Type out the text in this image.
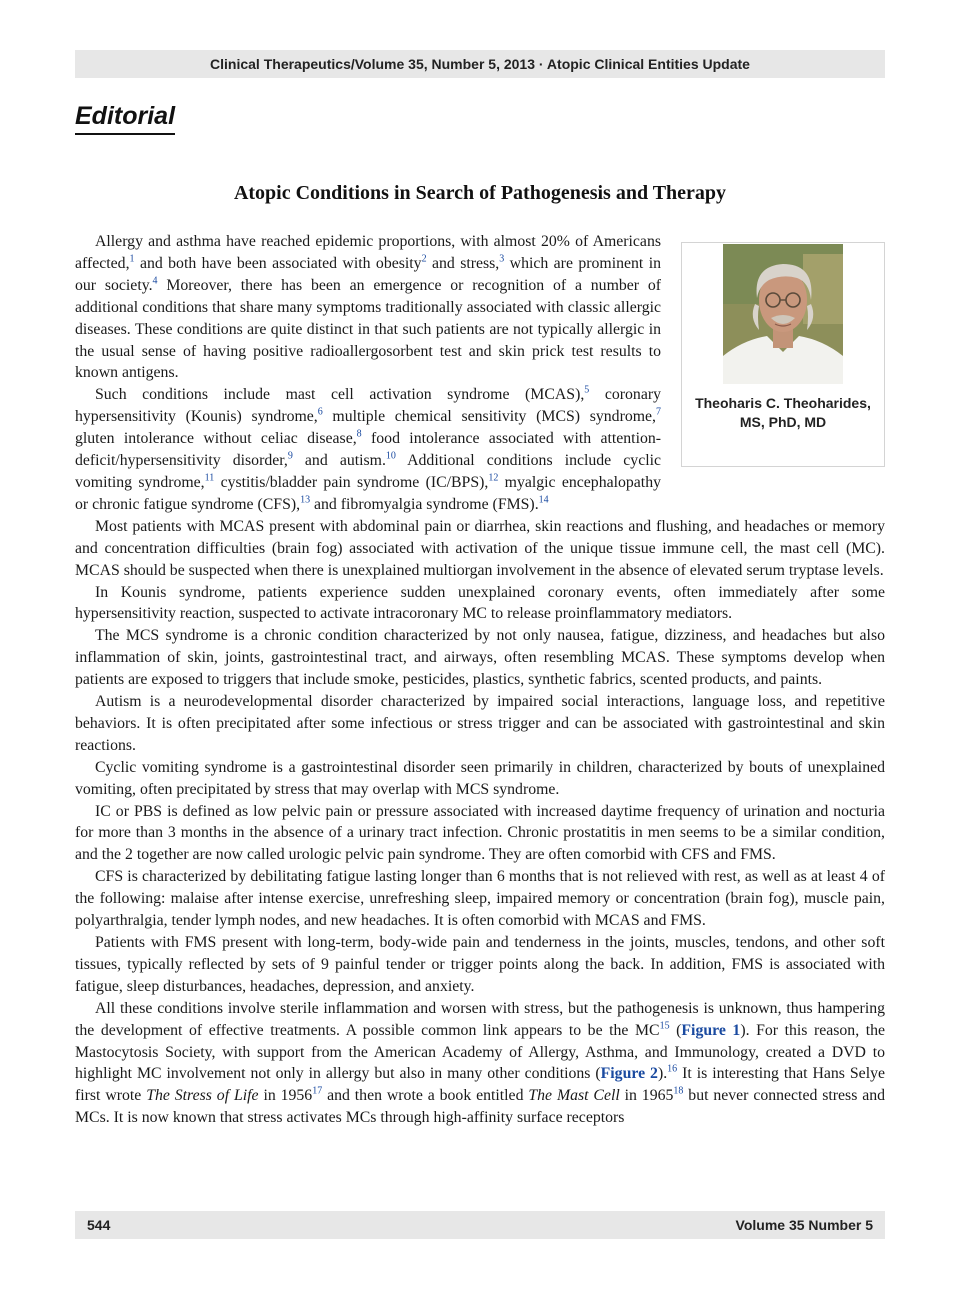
Clinical Therapeutics/Volume 35, Number 5, 2013 · Atopic Clinical Entities Update
Editorial
Atopic Conditions in Search of Pathogenesis and Therapy
Theoharis C. Theoharides,
MS, PhD, MD

Allergy and asthma have reached epidemic proportions, with almost 20% of Americans affected,$^1$ and both have been associated with obesity$^2$ and stress,$^3$ which are prominent in our society.$^4$ Moreover, there has been an emergence or recognition of a number of additional conditions that share many symptoms traditionally associated with classic allergic diseases. These conditions are quite distinct in that such patients are not typically allergic in the usual sense of having positive radioallergosorbent test and skin prick test results to known antigens.

Such conditions include mast cell activation syndrome (MCAS),$^5$ coronary hypersensitivity (Kounis) syndrome,$^6$ multiple chemical sensitivity (MCS) syndrome,$^7$ gluten intolerance without celiac disease,$^8$ food intolerance associated with attention-deficit/hypersensitivity disorder,$^9$ and autism.$^{10}$ Additional conditions include cyclic vomiting syndrome,$^{11}$ cystitis/bladder pain syndrome (IC/BPS),$^{12}$ myalgic encephalopathy or chronic fatigue syndrome (CFS),$^{13}$ and fibromyalgia syndrome (FMS).$^{14}$

Most patients with MCAS present with abdominal pain or diarrhea, skin reactions and flushing, and headaches or memory and concentration difficulties (brain fog) associated with activation of the unique tissue immune cell, the mast cell (MC). MCAS should be suspected when there is unexplained multiorgan involvement in the absence of elevated serum tryptase levels.

In Kounis syndrome, patients experience sudden unexplained coronary events, often immediately after some hypersensitivity reaction, suspected to activate intracoronary MC to release proinflammatory mediators.

The MCS syndrome is a chronic condition characterized by not only nausea, fatigue, dizziness, and headaches but also inflammation of skin, joints, gastrointestinal tract, and airways, often resembling MCAS. These symptoms develop when patients are exposed to triggers that include smoke, pesticides, plastics, synthetic fabrics, scented products, and paints.

Autism is a neurodevelopmental disorder characterized by impaired social interactions, language loss, and repetitive behaviors. It is often precipitated after some infectious or stress trigger and can be associated with gastrointestinal and skin reactions.

Cyclic vomiting syndrome is a gastrointestinal disorder seen primarily in children, characterized by bouts of unexplained vomiting, often precipitated by stress that may overlap with MCS syndrome.

IC or PBS is defined as low pelvic pain or pressure associated with increased daytime frequency of urination and nocturia for more than 3 months in the absence of a urinary tract infection. Chronic prostatitis in men seems to be a similar condition, and the 2 together are now called urologic pelvic pain syndrome. They are often comorbid with CFS and FMS.

CFS is characterized by debilitating fatigue lasting longer than 6 months that is not relieved with rest, as well as at least 4 of the following: malaise after intense exercise, unrefreshing sleep, impaired memory or concentration (brain fog), muscle pain, polyarthralgia, tender lymph nodes, and new headaches. It is often comorbid with MCAS and FMS.

Patients with FMS present with long-term, body-wide pain and tenderness in the joints, muscles, tendons, and other soft tissues, typically reflected by sets of 9 painful tender or trigger points along the back. In addition, FMS is associated with fatigue, sleep disturbances, headaches, depression, and anxiety.

All these conditions involve sterile inflammation and worsen with stress, but the pathogenesis is unknown, thus hampering the development of effective treatments. A possible common link appears to be the MC$^{15}$ (Figure 1). For this reason, the Mastocytosis Society, with support from the American Academy of Allergy, Asthma, and Immunology, created a DVD to highlight MC involvement not only in allergy but also in many other conditions (Figure 2).$^{16}$ It is interesting that Hans Selye first wrote The Stress of Life in 1956$^{17}$ and then wrote a book entitled The Mast Cell in 1965$^{18}$ but never connected stress and MCs. It is now known that stress activates MCs through high-affinity surface receptors

544	Volume 35 Number 5
